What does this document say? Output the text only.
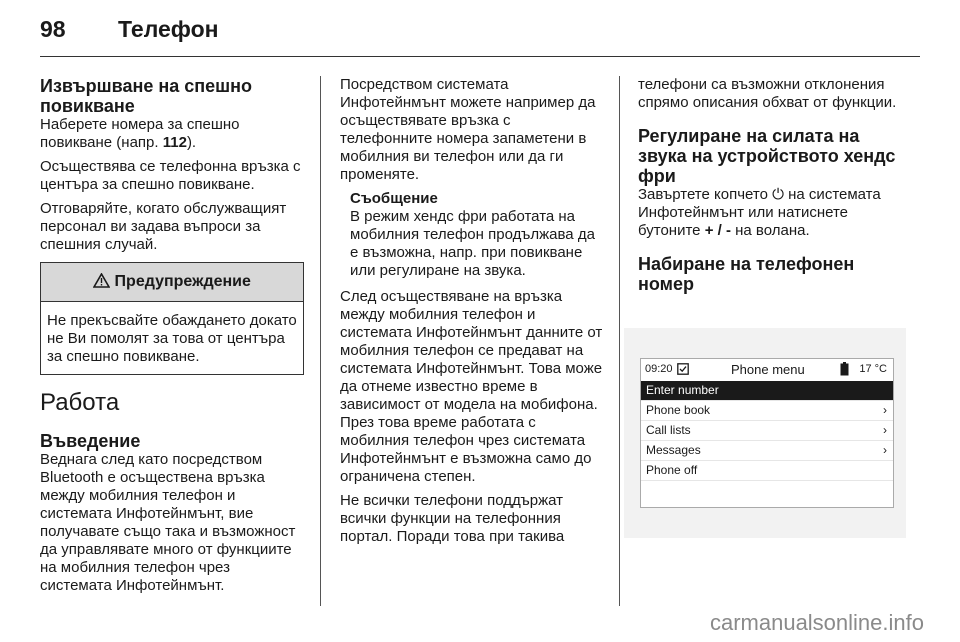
98 Телефон
Извършване на спешно повикване

Наберете номера за спешно повикване (напр. 112).

Осъществява се телефонна връзка с центъра за спешно повикване.

Отговаряйте, когато обслужващият персонал ви задава въпроси за спешния случай.

Предупреждение
Не прекъсвайте обаждането докато не Ви помолят за това от центъра за спешно повикване.
Работа
Въведение

Веднага след като посредством Bluetooth е осъществена връзка между мобилния телефон и системата Инфотейнмънт, вие получавате също така и възможност да управлявате много от функциите на мобилния телефон чрез системата Инфотейнмънт.

Посредством системата Инфотейнмънт можете например да осъществявате връзка с телефонните номера запаметени в мобилния ви телефон или да ги променяте.

Съобщение

В режим хендс фри работата на мобилния телефон продължава да е възможна, напр. при повикване или регулиране на звука.

След осъществяване на връзка между мобилния телефон и системата Инфотейнмънт данните от мобилния телефон се предават на системата Инфотейнмънт. Това може да отнеме известно време в зависимост от модела на мобифона. През това време работата с мобилния телефон чрез системата Инфотейнмънт е възможна само до ограничена степен.

Не всички телефони поддържат всички функции на телефонния портал. Поради това при такива

телефони са възможни отклонения спрямо описания обхват от функции.

Регулиране на силата на звука на устройството хендс фри

Завъртете копчето ⏻ на системата Инфотейнмънт или натиснете бутоните + / - на волана.

Набиране на телефонен номер
09:20	Phone menu	17 °C
Enter number
Phone book	›
Call lists	›
Messages	›
Phone off
carmanualsonline.info
